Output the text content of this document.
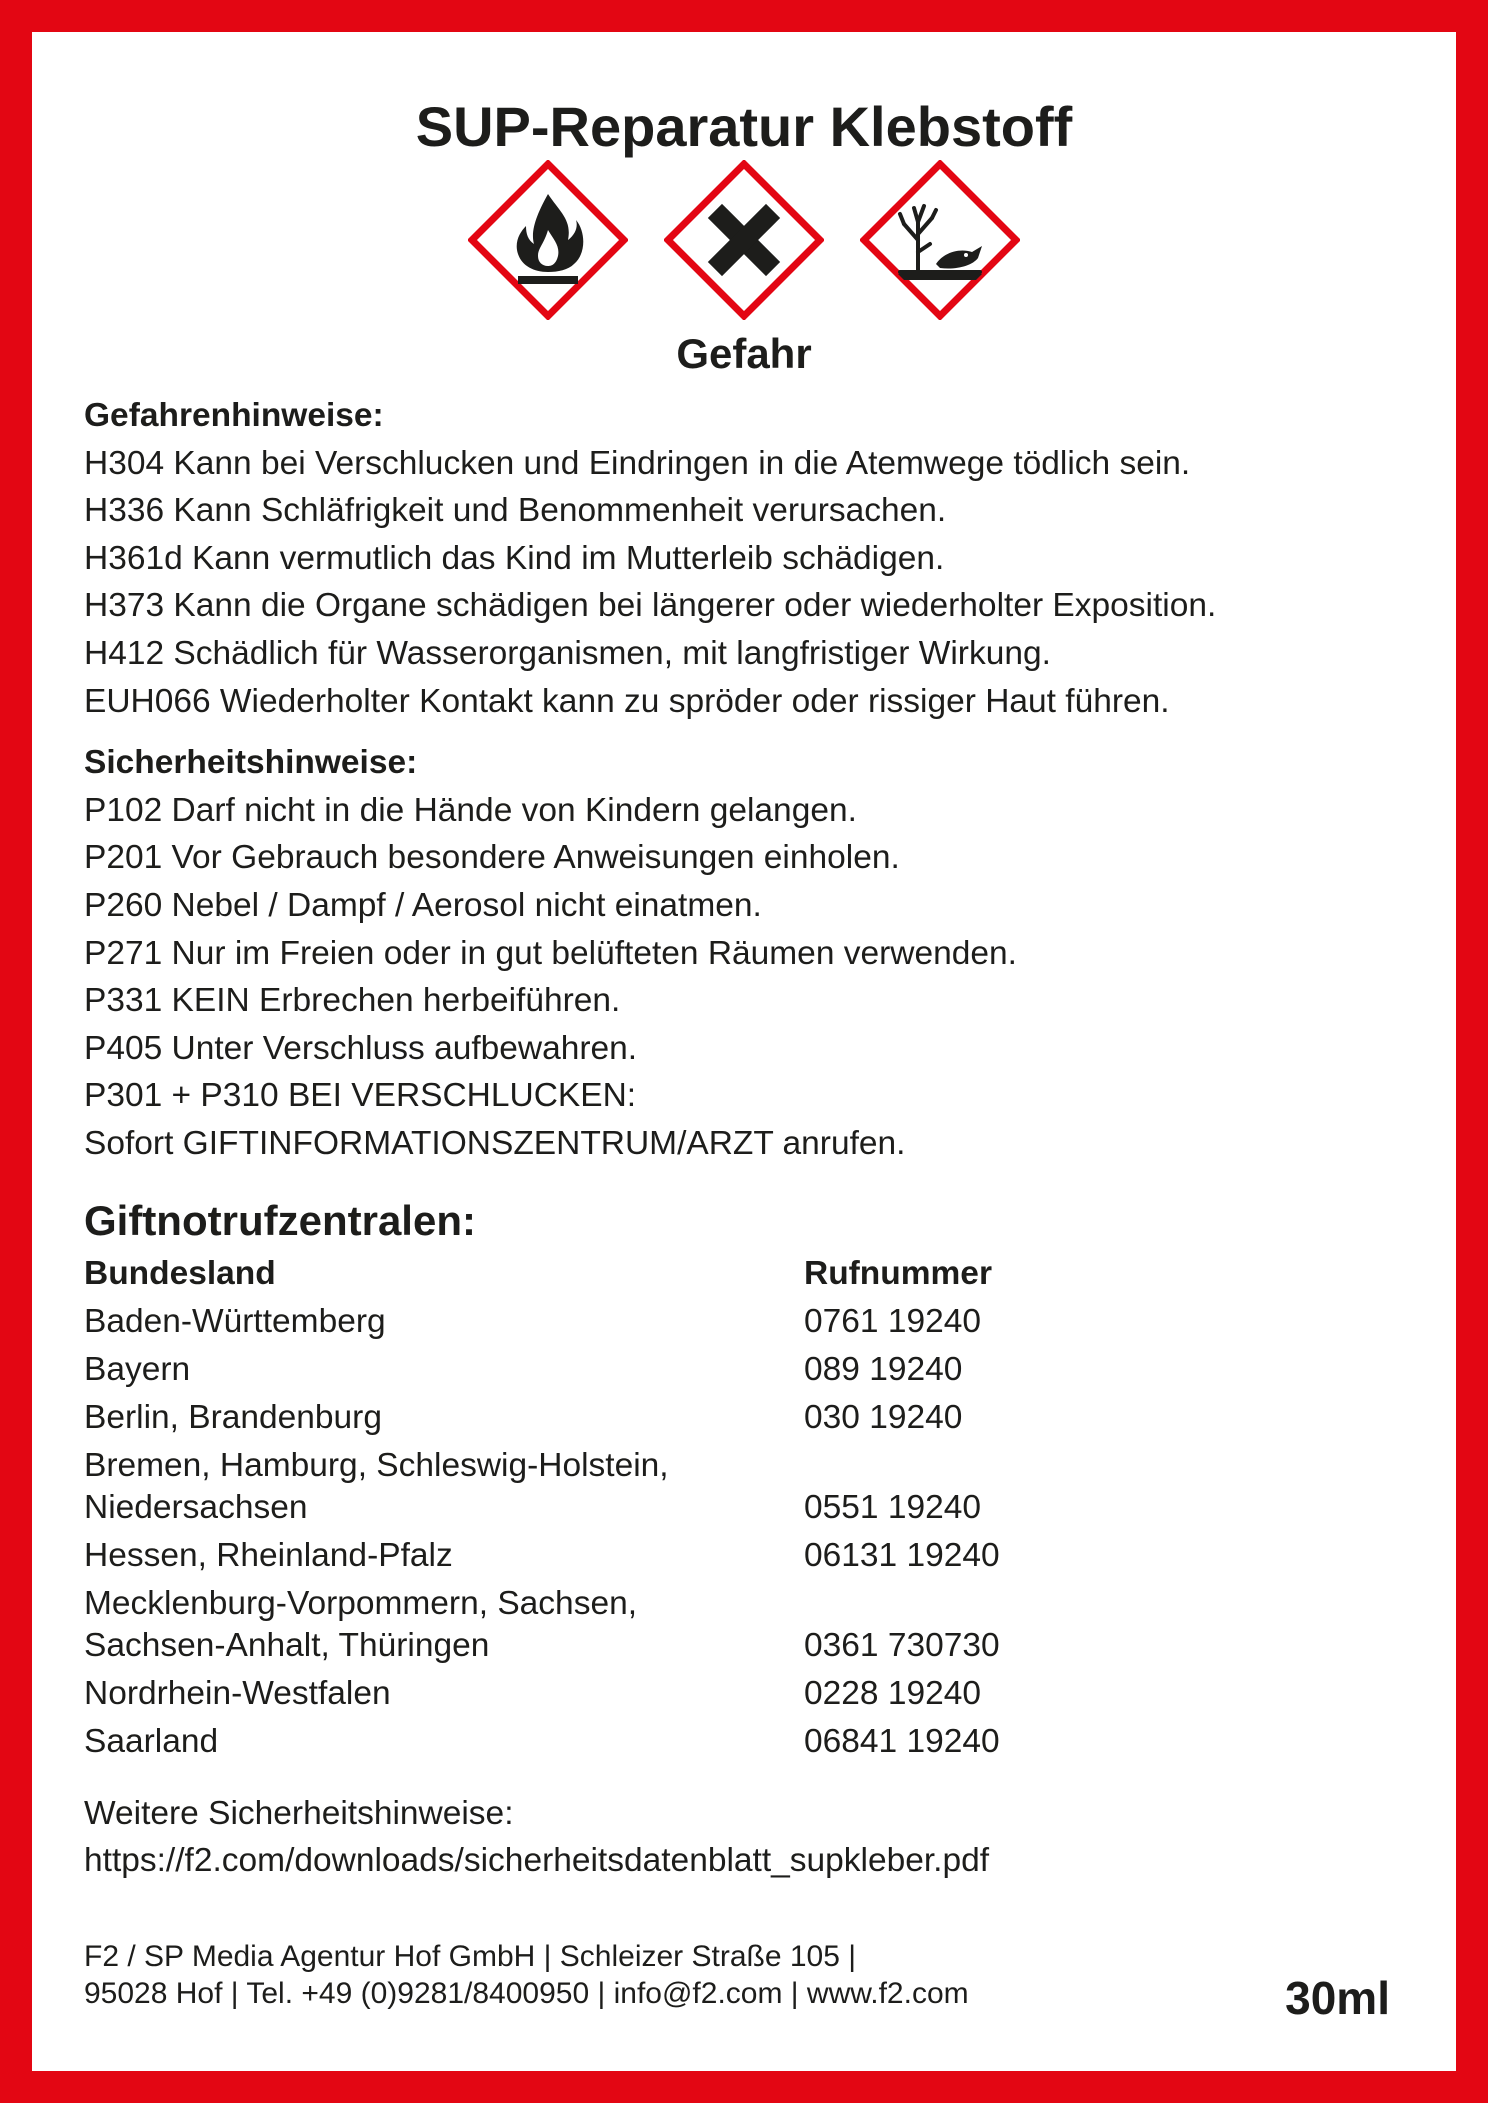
SUP-Reparatur Klebstoff
Gefahr
Gefahrenhinweise:
H304 Kann bei Verschlucken und Eindringen in die Atemwege tödlich sein.
H336 Kann Schläfrigkeit und Benommenheit verursachen.
H361d Kann vermutlich das Kind im Mutterleib schädigen.
H373 Kann die Organe schädigen bei längerer oder wiederholter Exposition.
H412 Schädlich für Wasserorganismen, mit langfristiger Wirkung.
EUH066 Wiederholter Kontakt kann zu spröder oder rissiger Haut führen.
Sicherheitshinweise:
P102 Darf nicht in die Hände von Kindern gelangen.
P201 Vor Gebrauch besondere Anweisungen einholen.
P260 Nebel / Dampf / Aerosol nicht einatmen.
P271 Nur im Freien oder in gut belüfteten Räumen verwenden.
P331 KEIN Erbrechen herbeiführen.
P405 Unter Verschluss aufbewahren.
P301 + P310 BEI VERSCHLUCKEN:
Sofort GIFTINFORMATIONSZENTRUM/ARZT anrufen.
Giftnotrufzentralen:
Bundesland	Rufnummer
Baden-Württemberg	0761 19240
Bayern	089 19240
Berlin, Brandenburg	030 19240

Bremen, Hamburg, Schleswig-Holstein,
Niedersachsen	0551 19240
Hessen, Rheinland-Pfalz	06131 19240

Mecklenburg-Vorpommern, Sachsen,
Sachsen-Anhalt, Thüringen	0361 730730
Nordrhein-Westfalen	0228 19240
Saarland	06841 19240
Weitere Sicherheitshinweise:
https://f2.com/downloads/sicherheitsdatenblatt_supkleber.pdf
F2 / SP Media Agentur Hof GmbH | Schleizer Straße 105 |
95028 Hof | Tel. +49 (0)9281/8400950 | info@f2.com | www.f2.com	30ml
